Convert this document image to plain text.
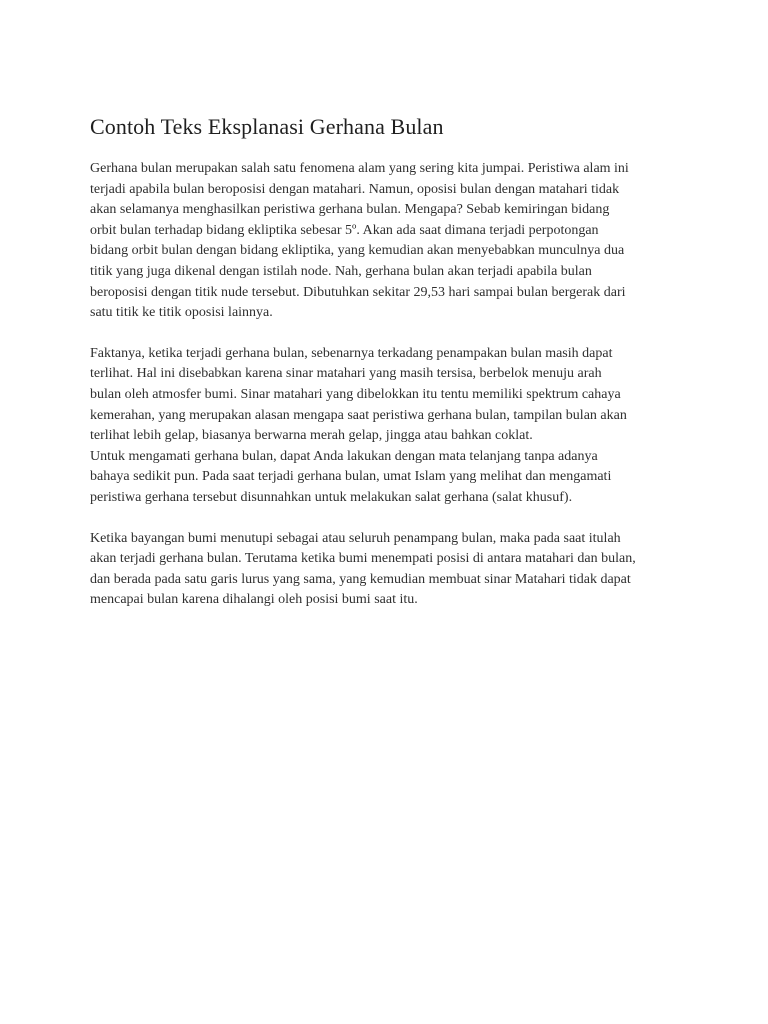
Contoh Teks Eksplanasi Gerhana Bulan

Gerhana bulan merupakan salah satu fenomena alam yang sering kita jumpai. Peristiwa alam ini
terjadi apabila bulan beroposisi dengan matahari. Namun, oposisi bulan dengan matahari tidak
akan selamanya menghasilkan peristiwa gerhana bulan. Mengapa? Sebab kemiringan bidang
orbit bulan terhadap bidang ekliptika sebesar 5º. Akan ada saat dimana terjadi perpotongan
bidang orbit bulan dengan bidang ekliptika, yang kemudian akan menyebabkan munculnya dua
titik yang juga dikenal dengan istilah node. Nah, gerhana bulan akan terjadi apabila bulan
beroposisi dengan titik nude tersebut. Dibutuhkan sekitar 29,53 hari sampai bulan bergerak dari
satu titik ke titik oposisi lainnya.

Faktanya, ketika terjadi gerhana bulan, sebenarnya terkadang penampakan bulan masih dapat
terlihat. Hal ini disebabkan karena sinar matahari yang masih tersisa, berbelok menuju arah
bulan oleh atmosfer bumi. Sinar matahari yang dibelokkan itu tentu memiliki spektrum cahaya
kemerahan, yang merupakan alasan mengapa saat peristiwa gerhana bulan, tampilan bulan akan
terlihat lebih gelap, biasanya berwarna merah gelap, jingga atau bahkan coklat.
Untuk mengamati gerhana bulan, dapat Anda lakukan dengan mata telanjang tanpa adanya
bahaya sedikit pun. Pada saat terjadi gerhana bulan, umat Islam yang melihat dan mengamati
peristiwa gerhana tersebut disunnahkan untuk melakukan salat gerhana (salat khusuf).

Ketika bayangan bumi menutupi sebagai atau seluruh penampang bulan, maka pada saat itulah
akan terjadi gerhana bulan. Terutama ketika bumi menempati posisi di antara matahari dan bulan,
dan berada pada satu garis lurus yang sama, yang kemudian membuat sinar Matahari tidak dapat
mencapai bulan karena dihalangi oleh posisi bumi saat itu.
